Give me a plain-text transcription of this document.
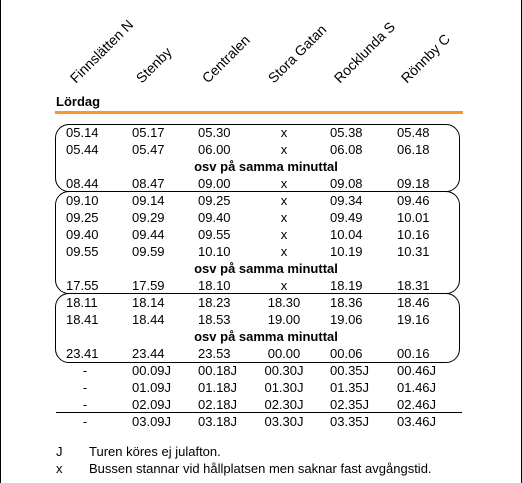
Finnslätten N
Stenby Centralen Stora Gatan Rocklunda S Rönnby C
Lördag
05.14	05.17	05.30	x	05.38	05.48
05.44	05.47	06.00	x	06.08	06.18
osv på samma minuttal
08.44	08.47	09.00	x	09.08	09.18
09.10	09.14	09.25	x	09.34	09.46
09.25	09.29	09.40	x	09.49	10.01
09.40	09.44	09.55	x	10.04	10.16
09.55	09.59	10.10	x	10.19	10.31
osv på samma minuttal
17.55	17.59	18.10	x	18.19	18.31
18.11	18.14	18.23	18.30 18.36	18.46
18.41	18.44	18.53	19.00 19.06	19.16
osv på samma minuttal
23.41	23.44	23.53	00.00 00.06	00.16
-	00.09J 00.18J 00.30J 00.35J 00.46J
-	01.09J 01.18J 01.30J 01.35J 01.46J
-	02.09J 02.18J 02.30J 02.35J 02.46J
-	03.09J 03.18J 03.30J 03.35J 03.46J
J Turen köres ej julafton.
x Bussen stannar vid hållplatsen men saknar fast avgångstid.
